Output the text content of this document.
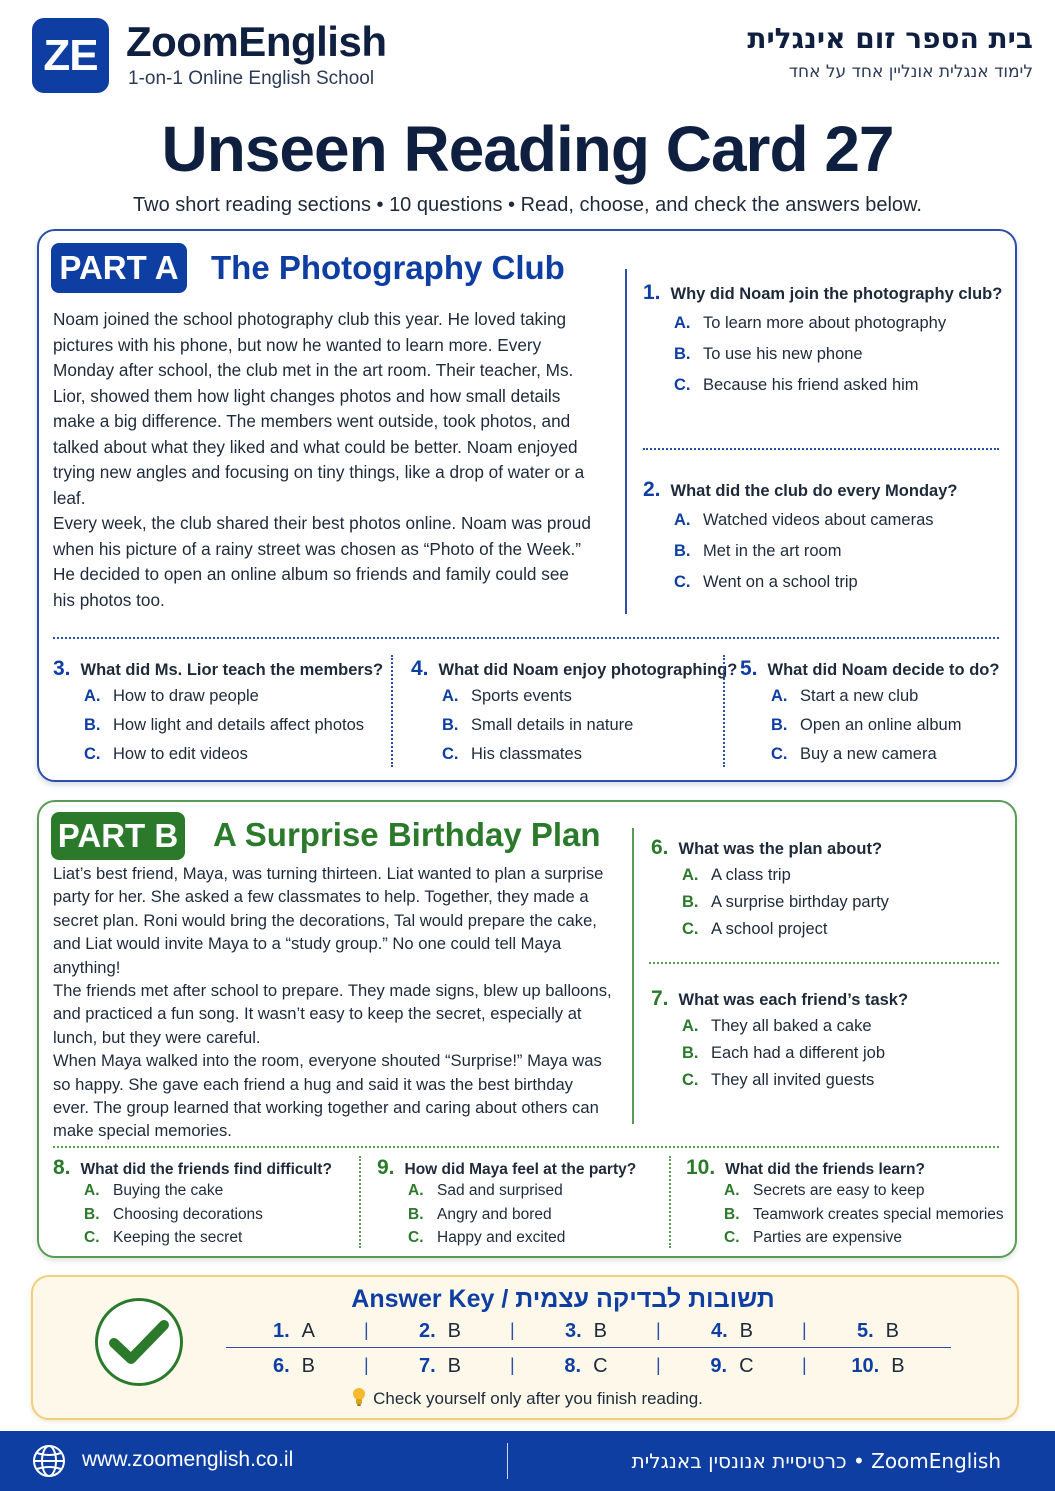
ZE ZoomEnglish
1-on-1 Online English School
בית הספר זום אינגלית
לימוד אנגלית אונליין אחד על אחד
Unseen Reading Card 27
Two short reading sections • 10 questions • Read, choose, and check the answers below.
PART A The Photography Club

Noam joined the school photography club this year. He loved taking pictures with his phone, but now he wanted to learn more. Every Monday after school, the club met in the art room. Their teacher, Ms. Lior, showed them how light changes photos and how small details make a big difference. The members went outside, took photos, and talked about what they liked and what could be better. Noam enjoyed trying new angles and focusing on tiny things, like a drop of water or a leaf.

Every week, the club shared their best photos online. Noam was proud when his picture of a rainy street was chosen as “Photo of the Week.” He decided to open an online album so friends and family could see his photos too.

1. Why did Noam join the photography club?
A. To learn more about photography
B. To use his new phone
C. Because his friend asked him
2. What did the club do every Monday?
A. Watched videos about cameras
B. Met in the art room
C. Went on a school trip
3. What did Ms. Lior teach the members?
A. How to draw people
B. How light and details affect photos
C. How to edit videos
4. What did Noam enjoy photographing?
A. Sports events
B. Small details in nature
C. His classmates
5. What did Noam decide to do?
A. Start a new club
B. Open an online album
C. Buy a new camera
PART B A Surprise Birthday Plan

Liat’s best friend, Maya, was turning thirteen. Liat wanted to plan a surprise party for her. She asked a few classmates to help. Together, they made a secret plan. Roni would bring the decorations, Tal would prepare the cake, and Liat would invite Maya to a “study group.” No one could tell Maya anything!

The friends met after school to prepare. They made signs, blew up balloons, and practiced a fun song. It wasn’t easy to keep the secret, especially at lunch, but they were careful.

When Maya walked into the room, everyone shouted “Surprise!” Maya was so happy. She gave each friend a hug and said it was the best birthday ever. The group learned that working together and caring about others can make special memories.

6. What was the plan about?
A. A class trip
B. A surprise birthday party
C. A school project
7. What was each friend’s task?
A. They all baked a cake
B. Each had a different job
C. They all invited guests
8. What did the friends find difficult?
A. Buying the cake
B. Choosing decorations
C. Keeping the secret
9. How did Maya feel at the party?
A. Sad and surprised
B. Angry and bored
C. Happy and excited
10. What did the friends learn?
A. Secrets are easy to keep
B. Teamwork creates special memories
C. Parties are expensive
Answer Key / תשובות לבדיקה עצמית
1. A	| 2. B	| 3. B	| 4. B	| 5. B
6. B	| 7. B	| 8. C	| 9. C	| 10. B
Check yourself only after you finish reading.
www.zoomenglish.co.il	כרטיסיית אנונסין באנגלית • ZoomEnglish
